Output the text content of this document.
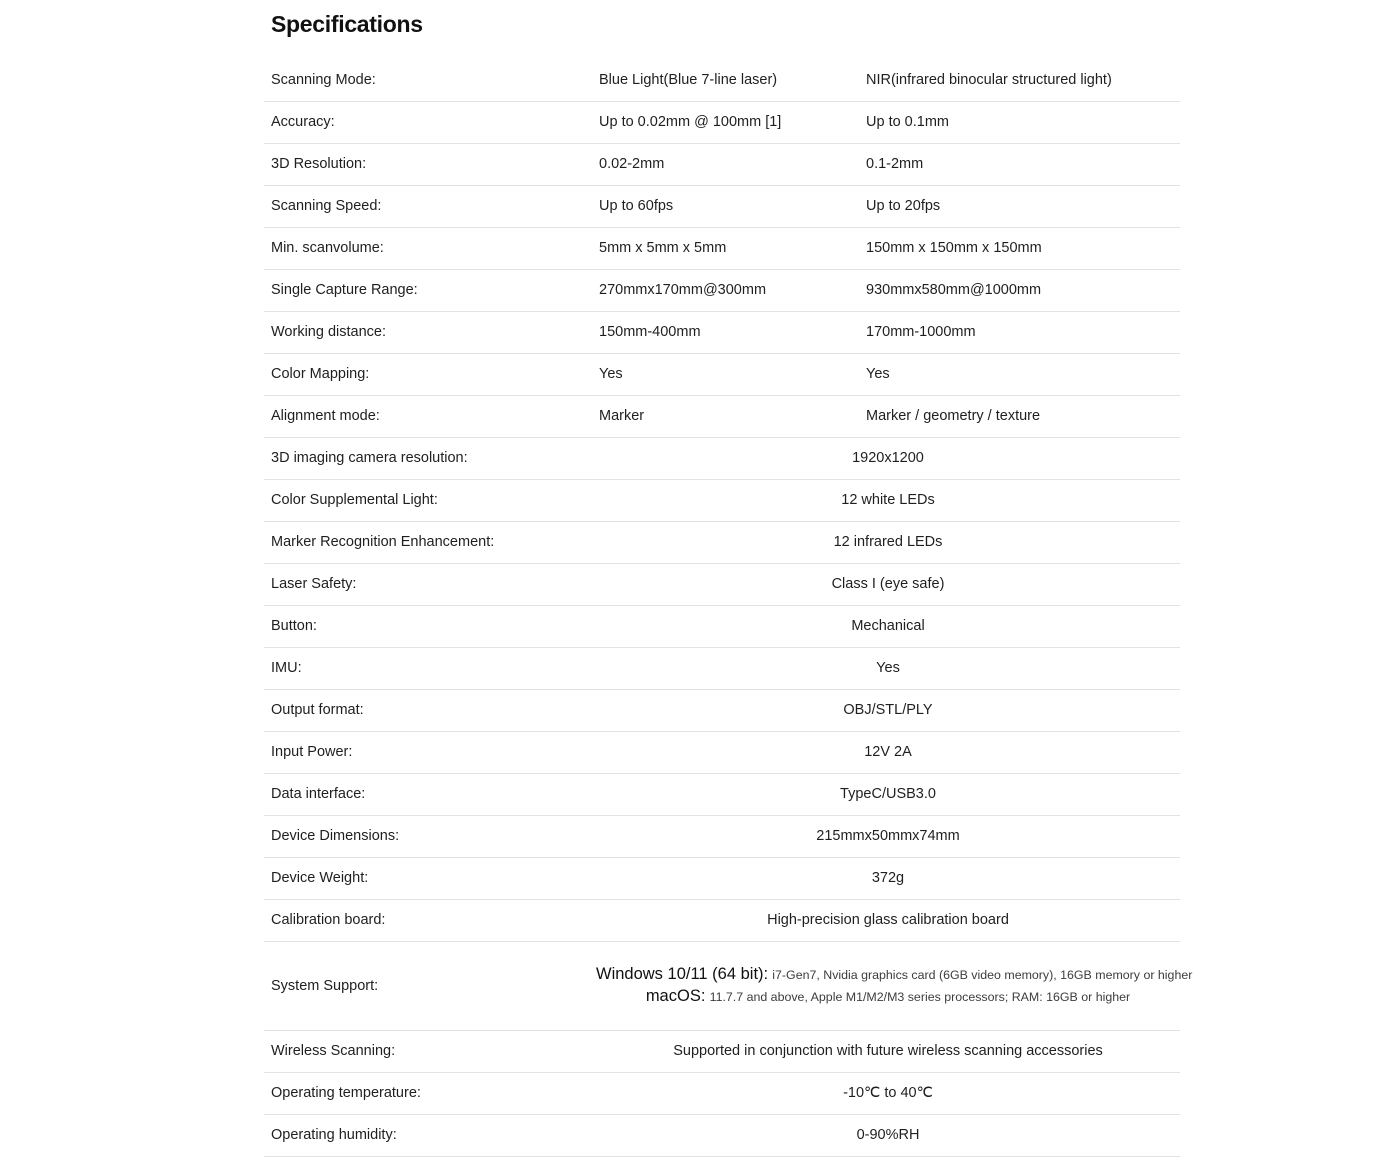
Specifications
Scanning Mode:	Blue Light(Blue 7-line laser)	NIR(infrared binocular structured light)
Accuracy:	Up to 0.02mm @ 100mm [1]	Up to 0.1mm
3D Resolution:	0.02-2mm	0.1-2mm
Scanning Speed:	Up to 60fps	Up to 20fps
Min. scanvolume:	5mm x 5mm x 5mm	150mm x 150mm x 150mm
Single Capture Range:	270mmx170mm@300mm	930mmx580mm@1000mm
Working distance:	150mm-400mm	170mm-1000mm
Color Mapping:	Yes	Yes
Alignment mode:	Marker	Marker / geometry / texture
3D imaging camera resolution:	1920x1200	
Color Supplemental Light:	12 white LEDs	
Marker Recognition Enhancement:	12 infrared LEDs	
Laser Safety:	Class I (eye safe)	
Button:	Mechanical	
IMU:	Yes	
Output format:	OBJ/STL/PLY	
Input Power:	12V 2A	
Data interface:	TypeC/USB3.0	
Device Dimensions:	215mmx50mmx74mm	
Device Weight:	372g	
Calibration board:	High-precision glass calibration board	
System Support:	Windows 10/11 (64 bit): i7-Gen7, Nvidia graphics card (6GB video memory), 16GB memory or higher
macOS: 11.7.7 and above, Apple M1/M2/M3 series processors; RAM: 16GB or higher	

Wireless Scanning:	Supported in conjunction with future wireless scanning accessories	
Operating temperature:	-10℃ to 40℃	
Operating humidity:	0-90%RH	
